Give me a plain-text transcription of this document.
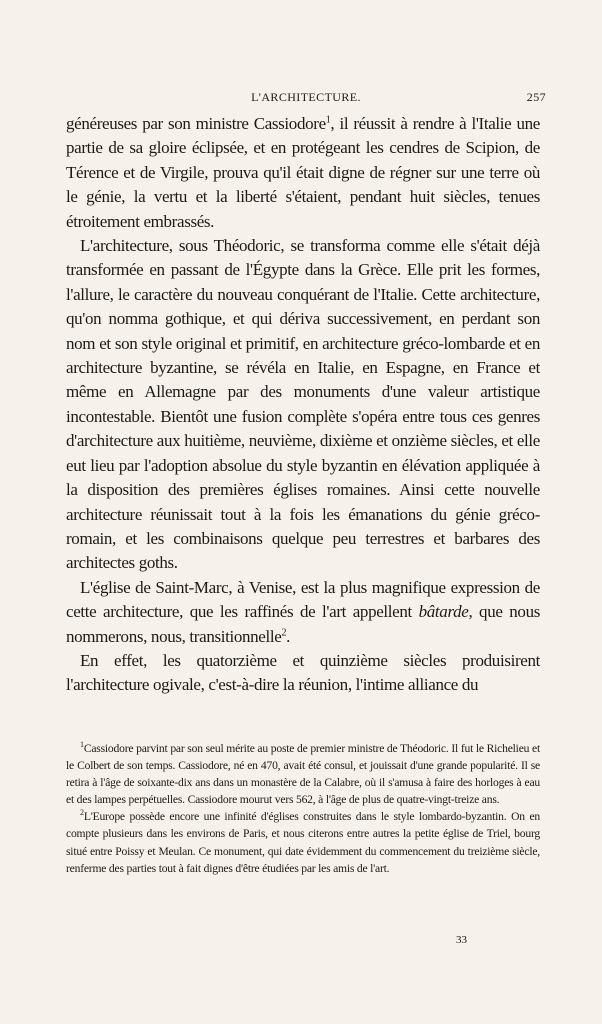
L'ARCHITECTURE.	257

généreuses par son ministre Cassiodore$^1$, il réussit à rendre à l'Italie une partie de sa gloire éclipsée, et en protégeant les cendres de Scipion, de Térence et de Virgile, prouva qu'il était digne de régner sur une terre où le génie, la vertu et la liberté s'étaient, pendant huit siècles, tenues étroitement embrassés.

L'architecture, sous Théodoric, se transforma comme elle s'était déjà transformée en passant de l'Égypte dans la Grèce. Elle prit les formes, l'allure, le caractère du nouveau conquérant de l'Italie. Cette architecture, qu'on nomma gothique, et qui dériva successivement, en perdant son nom et son style original et primitif, en architecture gréco-lombarde et en architecture byzantine, se révéla en Italie, en Espagne, en France et même en Allemagne par des monuments d'une valeur artistique incontestable. Bientôt une fusion complète s'opéra entre tous ces genres d'architecture aux huitième, neuvième, dixième et onzième siècles, et elle eut lieu par l'adoption absolue du style byzantin en élévation appliquée à la disposition des premières églises romaines. Ainsi cette nouvelle architecture réunissait tout à la fois les émanations du génie gréco-romain, et les combinaisons quelque peu terrestres et barbares des architectes goths.

L'église de Saint-Marc, à Venise, est la plus magnifique expression de cette architecture, que les raffinés de l'art appellent bâtarde, que nous nommerons, nous, transitionnelle$^2$.

En effet, les quatorzième et quinzième siècles produisirent l'architecture ogivale, c'est-à-dire la réunion, l'intime alliance du

$^1$Cassiodore parvint par son seul mérite au poste de premier ministre de Théodoric. Il fut le Richelieu et le Colbert de son temps. Cassiodore, né en 470, avait été consul, et jouissait d'une grande popularité. Il se retira à l'âge de soixante-dix ans dans un monastère de la Calabre, où il s'amusa à faire des horloges à eau et des lampes perpétuelles. Cassiodore mourut vers 562, à l'âge de plus de quatre-vingt-treize ans.

$^2$L'Europe possède encore une infinité d'églises construites dans le style lombardo-byzantin. On en compte plusieurs dans les environs de Paris, et nous citerons entre autres la petite église de Triel, bourg situé entre Poissy et Meulan. Ce monument, qui date évidemment du commencement du treizième siècle, renferme des parties tout à fait dignes d'être étudiées par les amis de l'art.

33
